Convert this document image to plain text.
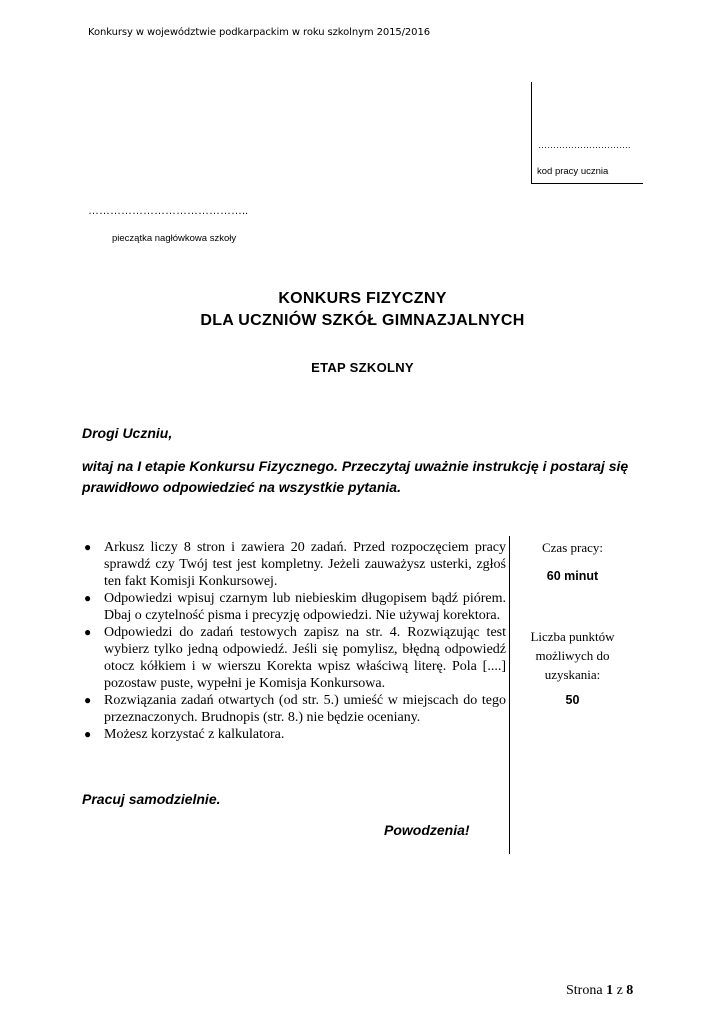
Konkursy w województwie podkarpackim w roku szkolnym 2015/2016
………………………….
kod pracy ucznia
……………………………………..
pieczątka nagłówkowa szkoły
KONKURS FIZYCZNY
DLA UCZNIÓW SZKÓŁ GIMNAZJALNYCH
ETAP SZKOLNY
Drogi Uczniu,
witaj na I etapie Konkursu Fizycznego. Przeczytaj uważnie instrukcję i postaraj się prawidłowo odpowiedzieć na wszystkie pytania.
● Arkusz liczy 8 stron i zawiera 20 zadań. Przed rozpoczęciem pracy sprawdź czy Twój test jest kompletny. Jeżeli zauważysz usterki, zgłoś ten fakt Komisji Konkursowej.
● Odpowiedzi wpisuj czarnym lub niebieskim długopisem bądź piórem. Dbaj o czytelność pisma i precyzję odpowiedzi. Nie używaj korektora.
● Odpowiedzi do zadań testowych zapisz na str. 4. Rozwiązując test wybierz tylko jedną odpowiedź. Jeśli się pomylisz, błędną odpowiedź otocz kółkiem i w wierszu Korekta wpisz właściwą literę. Pola [....] pozostaw puste, wypełni je Komisja Konkursowa.
● Rozwiązania zadań otwartych (od str. 5.) umieść w miejscach do tego przeznaczonych. Brudnopis (str. 8.) nie będzie oceniany.
● Możesz korzystać z kalkulatora.
Czas pracy:
60 minut
Liczba punktów możliwych do uzyskania:
50
Pracuj samodzielnie.
Powodzenia!
Strona 1 z 8
